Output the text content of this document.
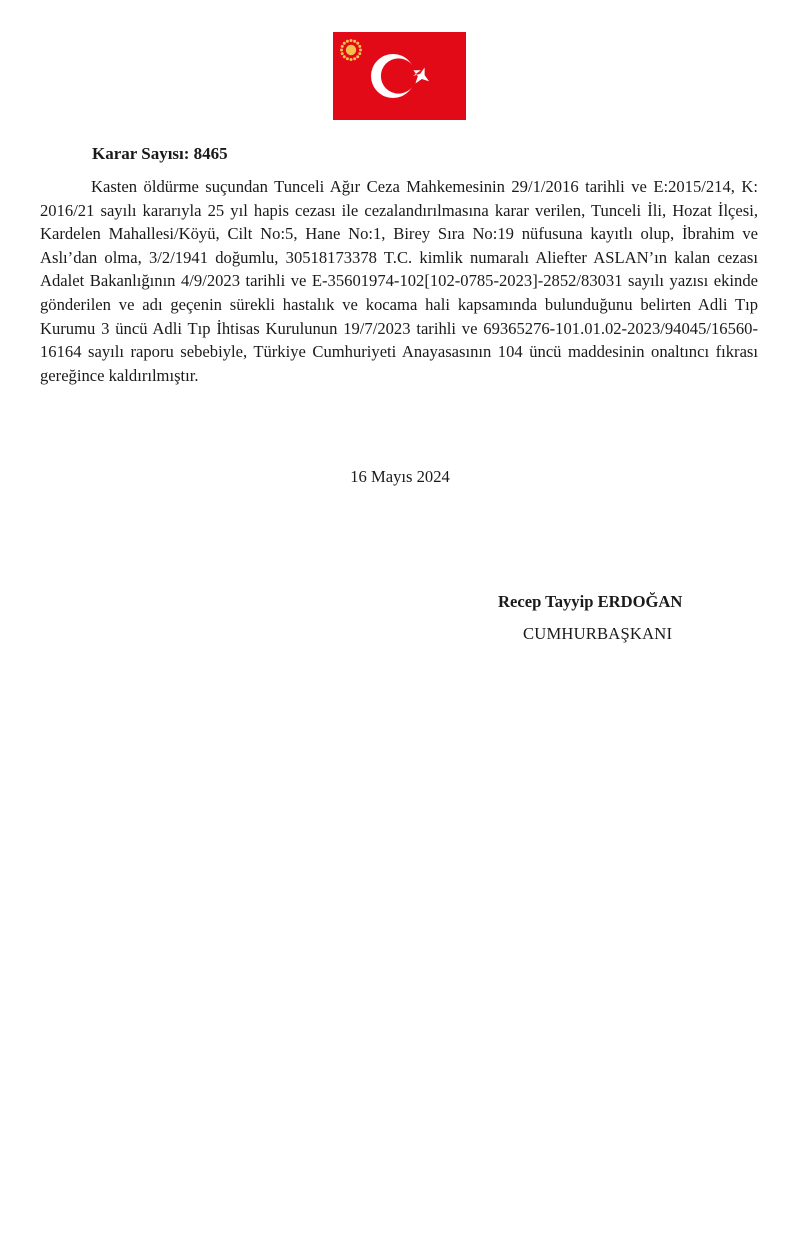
Karar Sayısı: 8465

Kasten öldürme suçundan Tunceli Ağır Ceza Mahkemesinin 29/1/2016 tarihli ve E:2015/214, K: 2016/21 sayılı kararıyla 25 yıl hapis cezası ile cezalandırılmasına karar verilen, Tunceli İli, Hozat İlçesi, Kardelen Mahallesi/Köyü, Cilt No:5, Hane No:1, Birey Sıra No:19 nüfusuna kayıtlı olup, İbrahim ve Aslı’dan olma, 3/2/1941 doğumlu, 30518173378 T.C. kimlik numaralı Aliefter ASLAN’ın kalan cezası Adalet Bakanlığının 4/9/2023 tarihli ve E-35601974-102[102-0785-2023]-2852/83031 sayılı yazısı ekinde gönderilen ve adı geçenin sürekli hastalık ve kocama hali kapsamında bulunduğunu belirten Adli Tıp Kurumu 3 üncü Adli Tıp İhtisas Kurulunun 19/7/2023 tarihli ve 69365276-101.01.02-2023/94045/16560-16164 sayılı raporu sebebiyle, Türkiye Cumhuriyeti Anayasasının 104 üncü maddesinin onaltıncı fıkrası gereğince kaldırılmıştır.

16 Mayıs 2024
Recep Tayyip ERDOĞAN
CUMHURBAŞKANI
